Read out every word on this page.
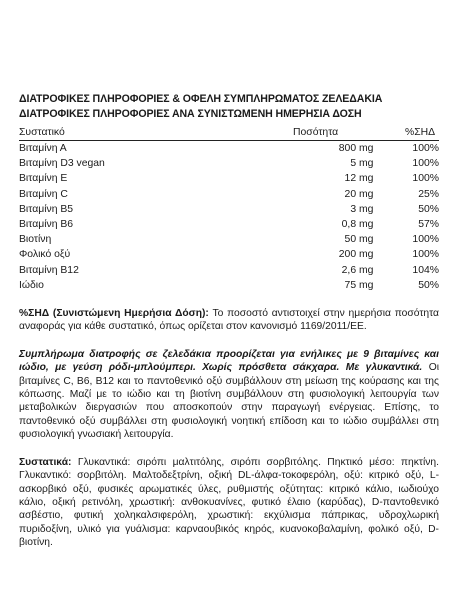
ΔΙΑΤΡΟΦΙΚΕΣ ΠΛΗΡΟΦΟΡΙΕΣ & ΟΦΕΛΗ ΣΥΜΠΛΗΡΩΜΑΤΟΣ ΖΕΛΕΔΑΚΙΑ
ΔΙΑΤΡΟΦΙΚΕΣ ΠΛΗΡΟΦΟΡΙΕΣ ΑΝΑ ΣΥΝΙΣΤΩΜΕΝΗ ΗΜΕΡΗΣΙΑ ΔΟΣΗ
Συστατικό	Ποσότητα	%ΣΗΔ
Βιταμίνη Α	800 mg	100%
Βιταμίνη D3 vegan	5 mg	100%
Βιταμίνη Ε	12 mg	100%
Βιταμίνη C	20 mg	25%
Βιταμίνη Β5	3 mg	50%
Βιταμίνη Β6	0,8 mg	57%
Βιοτίνη	50 mg	100%
Φολικό οξύ	200 mg	100%
Βιταμίνη Β12	2,6 mg	104%
Ιώδιο	75 mg	50%

%ΣΗΔ (Συνιστώμενη Ημερήσια Δόση): Το ποσοστό αντιστοιχεί στην ημερήσια ποσότητα αναφοράς για κάθε συστατικό, όπως ορίζεται στον κανονισμό 1169/2011/ΕΕ.

Συμπλήρωμα διατροφής σε ζελεδάκια προορίζεται για ενήλικες με 9 βιταμίνες και ιώδιο, με γεύση ρόδι-μπλούμπερι. Χωρίς πρόσθετα σάκχαρα. Με γλυκαντικά. Οι βιταμίνες C, Β6, Β12 και το παντοθενικό οξύ συμβάλλουν στη μείωση της κούρασης και της κόπωσης. Μαζί με το ιώδιο και τη βιοτίνη συμβάλλουν στη φυσιολογική λειτουργία των μεταβολικών διεργασιών που αποσκοπούν στην παραγωγή ενέργειας. Επίσης, το παντοθενικό οξύ συμβάλλει στη φυσιολογική νοητική επίδοση και το ιώδιο συμβάλλει στη φυσιολογική γνωσιακή λειτουργία.

Συστατικά: Γλυκαντικά: σιρόπι μαλτιτόλης, σιρόπι σορβιτόλης. Πηκτικό μέσο: πηκτίνη. Γλυκαντικό: σορβιτόλη. Μαλτοδεξτρίνη, οξική DL-άλφα-τοκοφερόλη, οξύ: κιτρικό οξύ, L-ασκορβικό οξύ, φυσικές αρωματικές ύλες, ρυθμιστής οξύτητας: κιτρικό κάλιο, ιωδιούχο κάλιο, οξική ρετινόλη, χρωστική: ανθοκυανίνες, φυτικό έλαιο (καρύδας), D-παντοθενικό ασβέστιο, φυτική χοληκαλσιφερόλη, χρωστική: εκχύλισμα πάπρικας, υδροχλωρική πυριδοξίνη, υλικό για γυάλισμα: καρναουβικός κηρός, κυανοκοβαλαμίνη, φολικό οξύ, D-βιοτίνη.
